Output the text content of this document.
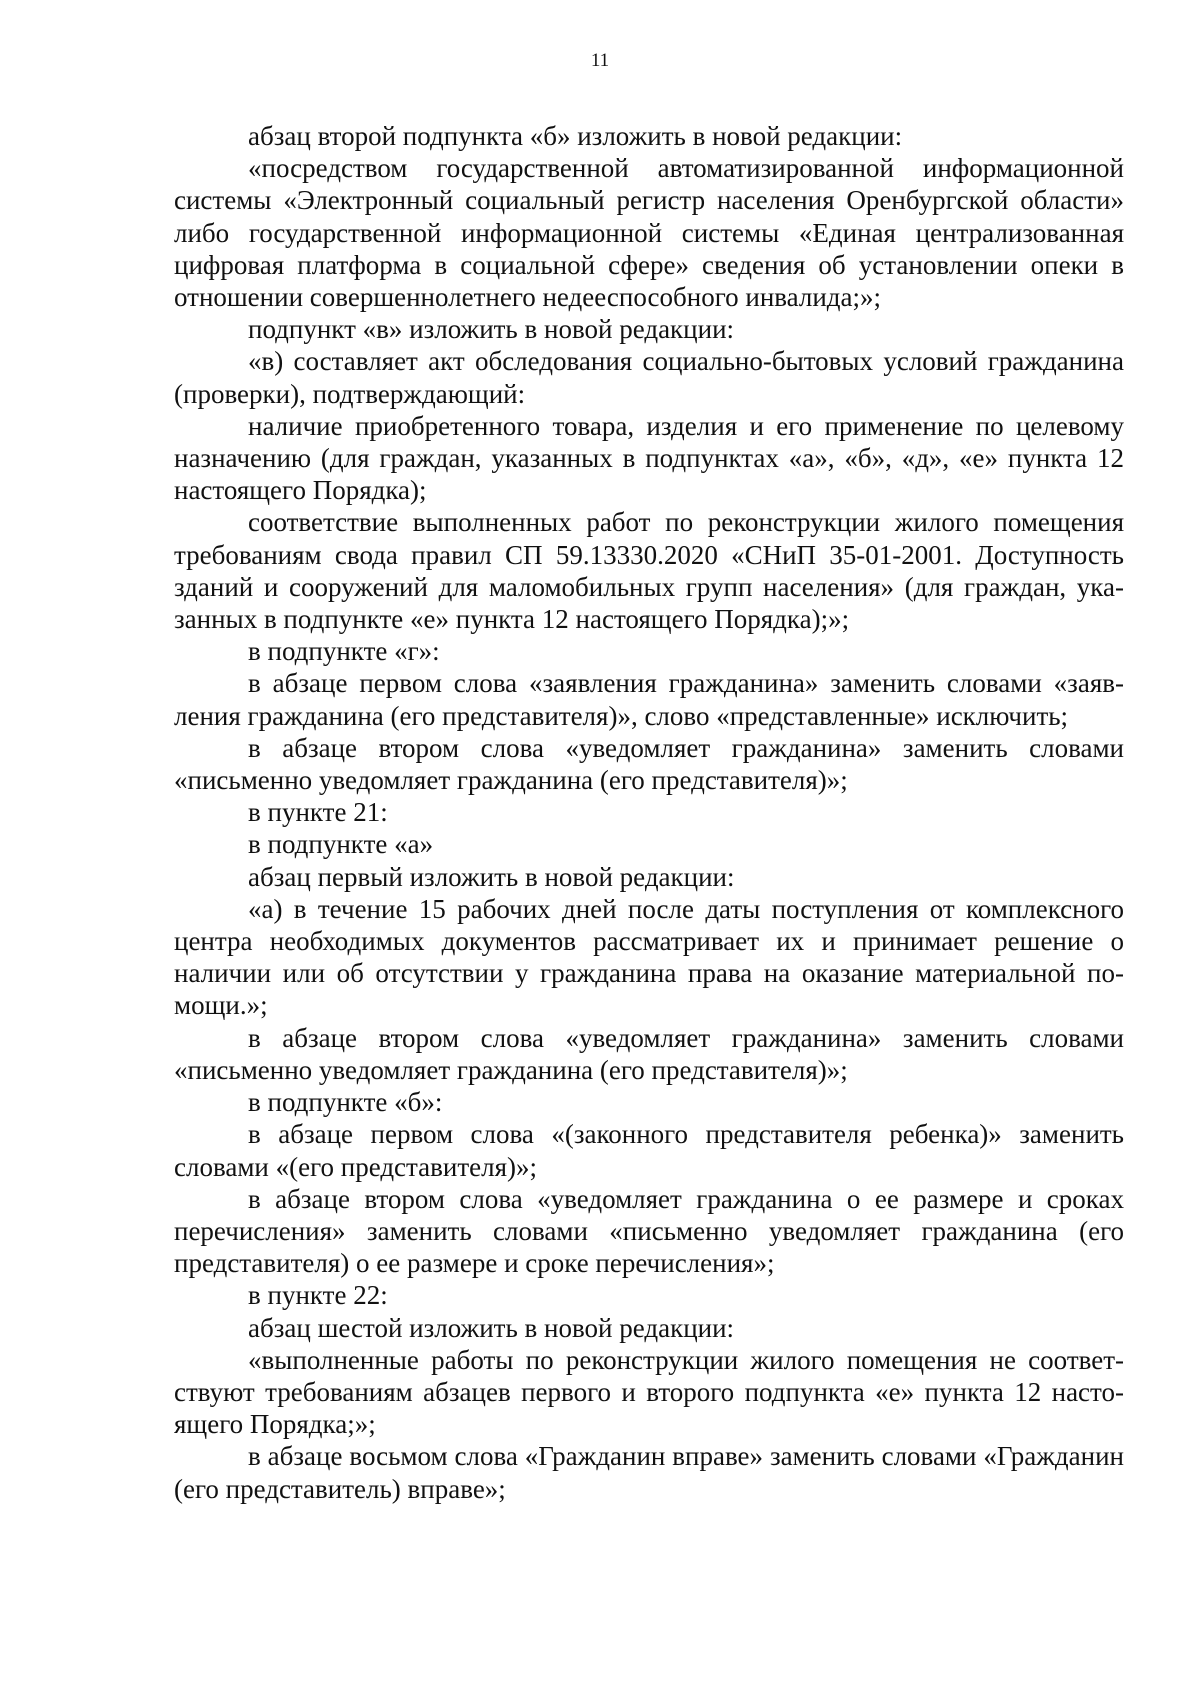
11

абзац второй подпункта «б» изложить в новой редакции:

«посредством государственной автоматизированной информационной системы «Электронный социальный регистр населения Оренбургской области» либо государственной информационной системы «Единая централизованная цифровая платформа в социальной сфере» сведения об установлении опеки в отношении совершеннолетнего недееспособного инвалида;»;

подпункт «в» изложить в новой редакции:

«в) составляет акт обследования социально-бытовых условий гражданина (проверки), подтверждающий:

наличие приобретенного товара, изделия и его применение по целевому назначению (для граждан, указанных в подпунктах «а», «б», «д», «е» пункта 12 настоящего Порядка);

соответствие выполненных работ по реконструкции жилого помещения требованиям свода правил СП 59.13330.2020 «СНиП 35-01-2001. Доступность зданий и сооружений для маломобильных групп населения» (для граждан, указанных в подпункте «е» пункта 12 настоящего Порядка);»;

в подпункте «г»:

в абзаце первом слова «заявления гражданина» заменить словами «заявления гражданина (его представителя)», слово «представленные» исключить;

в абзаце втором слова «уведомляет гражданина» заменить словами «письменно уведомляет гражданина (его представителя)»;

в пункте 21:

в подпункте «а»

абзац первый изложить в новой редакции:

«а) в течение 15 рабочих дней после даты поступления от комплексного центра необходимых документов рассматривает их и принимает решение о наличии или об отсутствии у гражданина права на оказание материальной помощи.»;

в абзаце втором слова «уведомляет гражданина» заменить словами «письменно уведомляет гражданина (его представителя)»;

в подпункте «б»:

в абзаце первом слова «(законного представителя ребенка)» заменить словами «(его представителя)»;

в абзаце втором слова «уведомляет гражданина о ее размере и сроках перечисления» заменить словами «письменно уведомляет гражданина (его представителя) о ее размере и сроке перечисления»;

в пункте 22:

абзац шестой изложить в новой редакции:

«выполненные работы по реконструкции жилого помещения не соответствуют требованиям абзацев первого и второго подпункта «е» пункта 12 настоящего Порядка;»;

в абзаце восьмом слова «Гражданин вправе» заменить словами «Гражданин (его представитель) вправе»;
